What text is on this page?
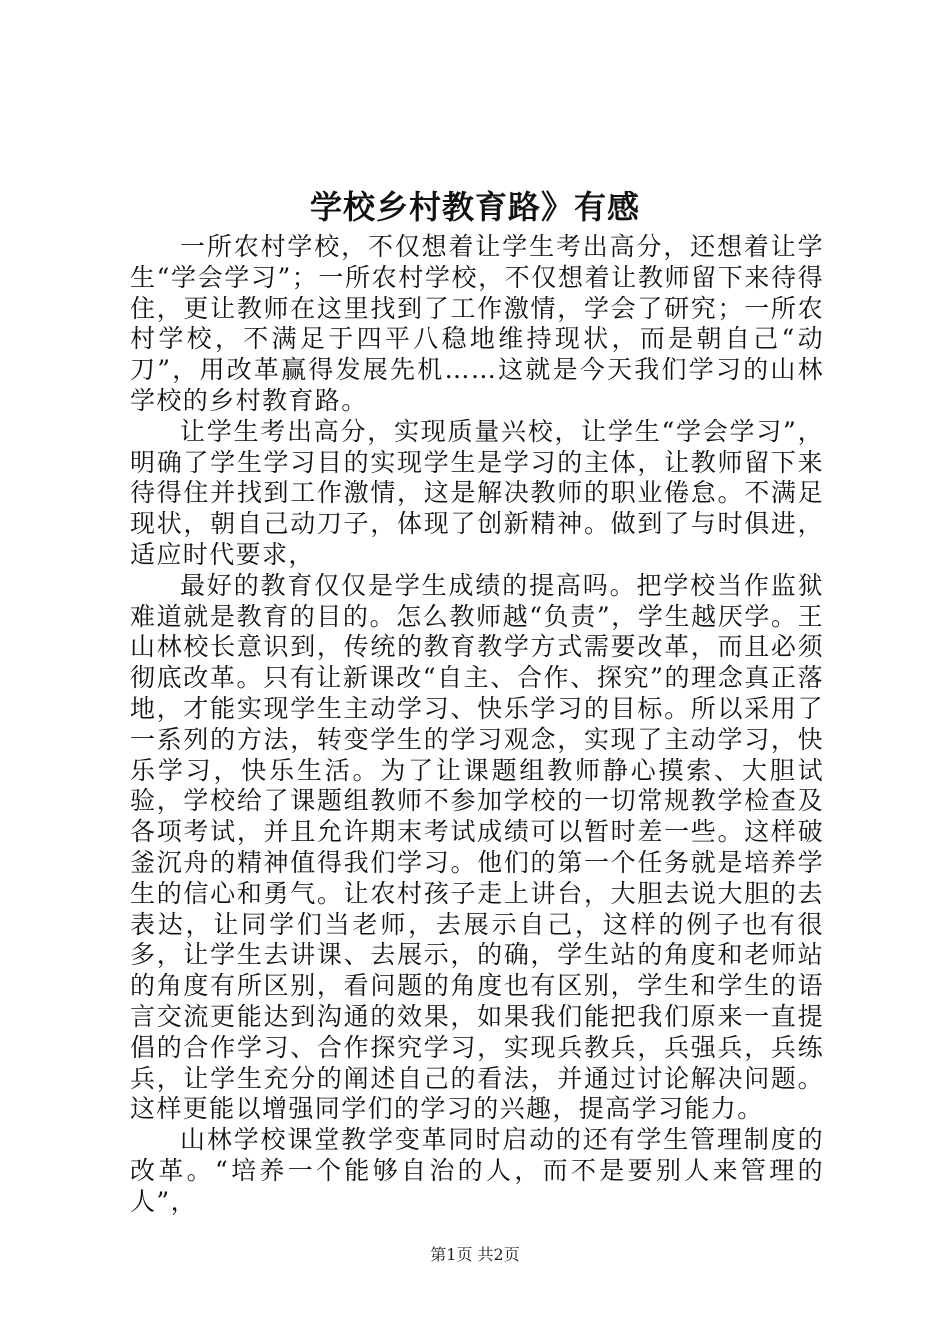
学校乡村教育路》有感

一所农村学校，不仅想着让学生考出高分，还想着让学生“学会学习”；一所农村学校，不仅想着让教师留下来待得住，更让教师在这里找到了工作激情，学会了研究；一所农村学校，不满足于四平八稳地维持现状，而是朝自己“动刀”，用改革赢得发展先机……这就是今天我们学习的山林学校的乡村教育路。

让学生考出高分，实现质量兴校，让学生“学会学习”，明确了学生学习目的实现学生是学习的主体，让教师留下来待得住并找到工作激情，这是解决教师的职业倦怠。不满足现状，朝自己动刀子，体现了创新精神。做到了与时俱进，适应时代要求，

最好的教育仅仅是学生成绩的提高吗。把学校当作监狱难道就是教育的目的。怎么教师越“负责”，学生越厌学。王山林校长意识到，传统的教育教学方式需要改革，而且必须彻底改革。只有让新课改“自主、合作、探究”的理念真正落地，才能实现学生主动学习、快乐学习的目标。所以采用了一系列的方法，转变学生的学习观念，实现了主动学习，快乐学习，快乐生活。为了让课题组教师静心摸索、大胆试验，学校给了课题组教师不参加学校的一切常规教学检查及各项考试，并且允许期末考试成绩可以暂时差一些。这样破釜沉舟的精神值得我们学习。他们的第一个任务就是培养学生的信心和勇气。让农村孩子走上讲台，大胆去说大胆的去表达，让同学们当老师，去展示自己，这样的例子也有很多，让学生去讲课、去展示，的确，学生站的角度和老师站的角度有所区别，看问题的角度也有区别，学生和学生的语言交流更能达到沟通的效果，如果我们能把我们原来一直提倡的合作学习、合作探究学习，实现兵教兵，兵强兵，兵练兵，让学生充分的阐述自己的看法，并通过讨论解决问题。这样更能以增强同学们的学习的兴趣，提高学习能力。

山林学校课堂教学变革同时启动的还有学生管理制度的改革。“培养一个能够自治的人，而不是要别人来管理的人”，

第1页 共2页
